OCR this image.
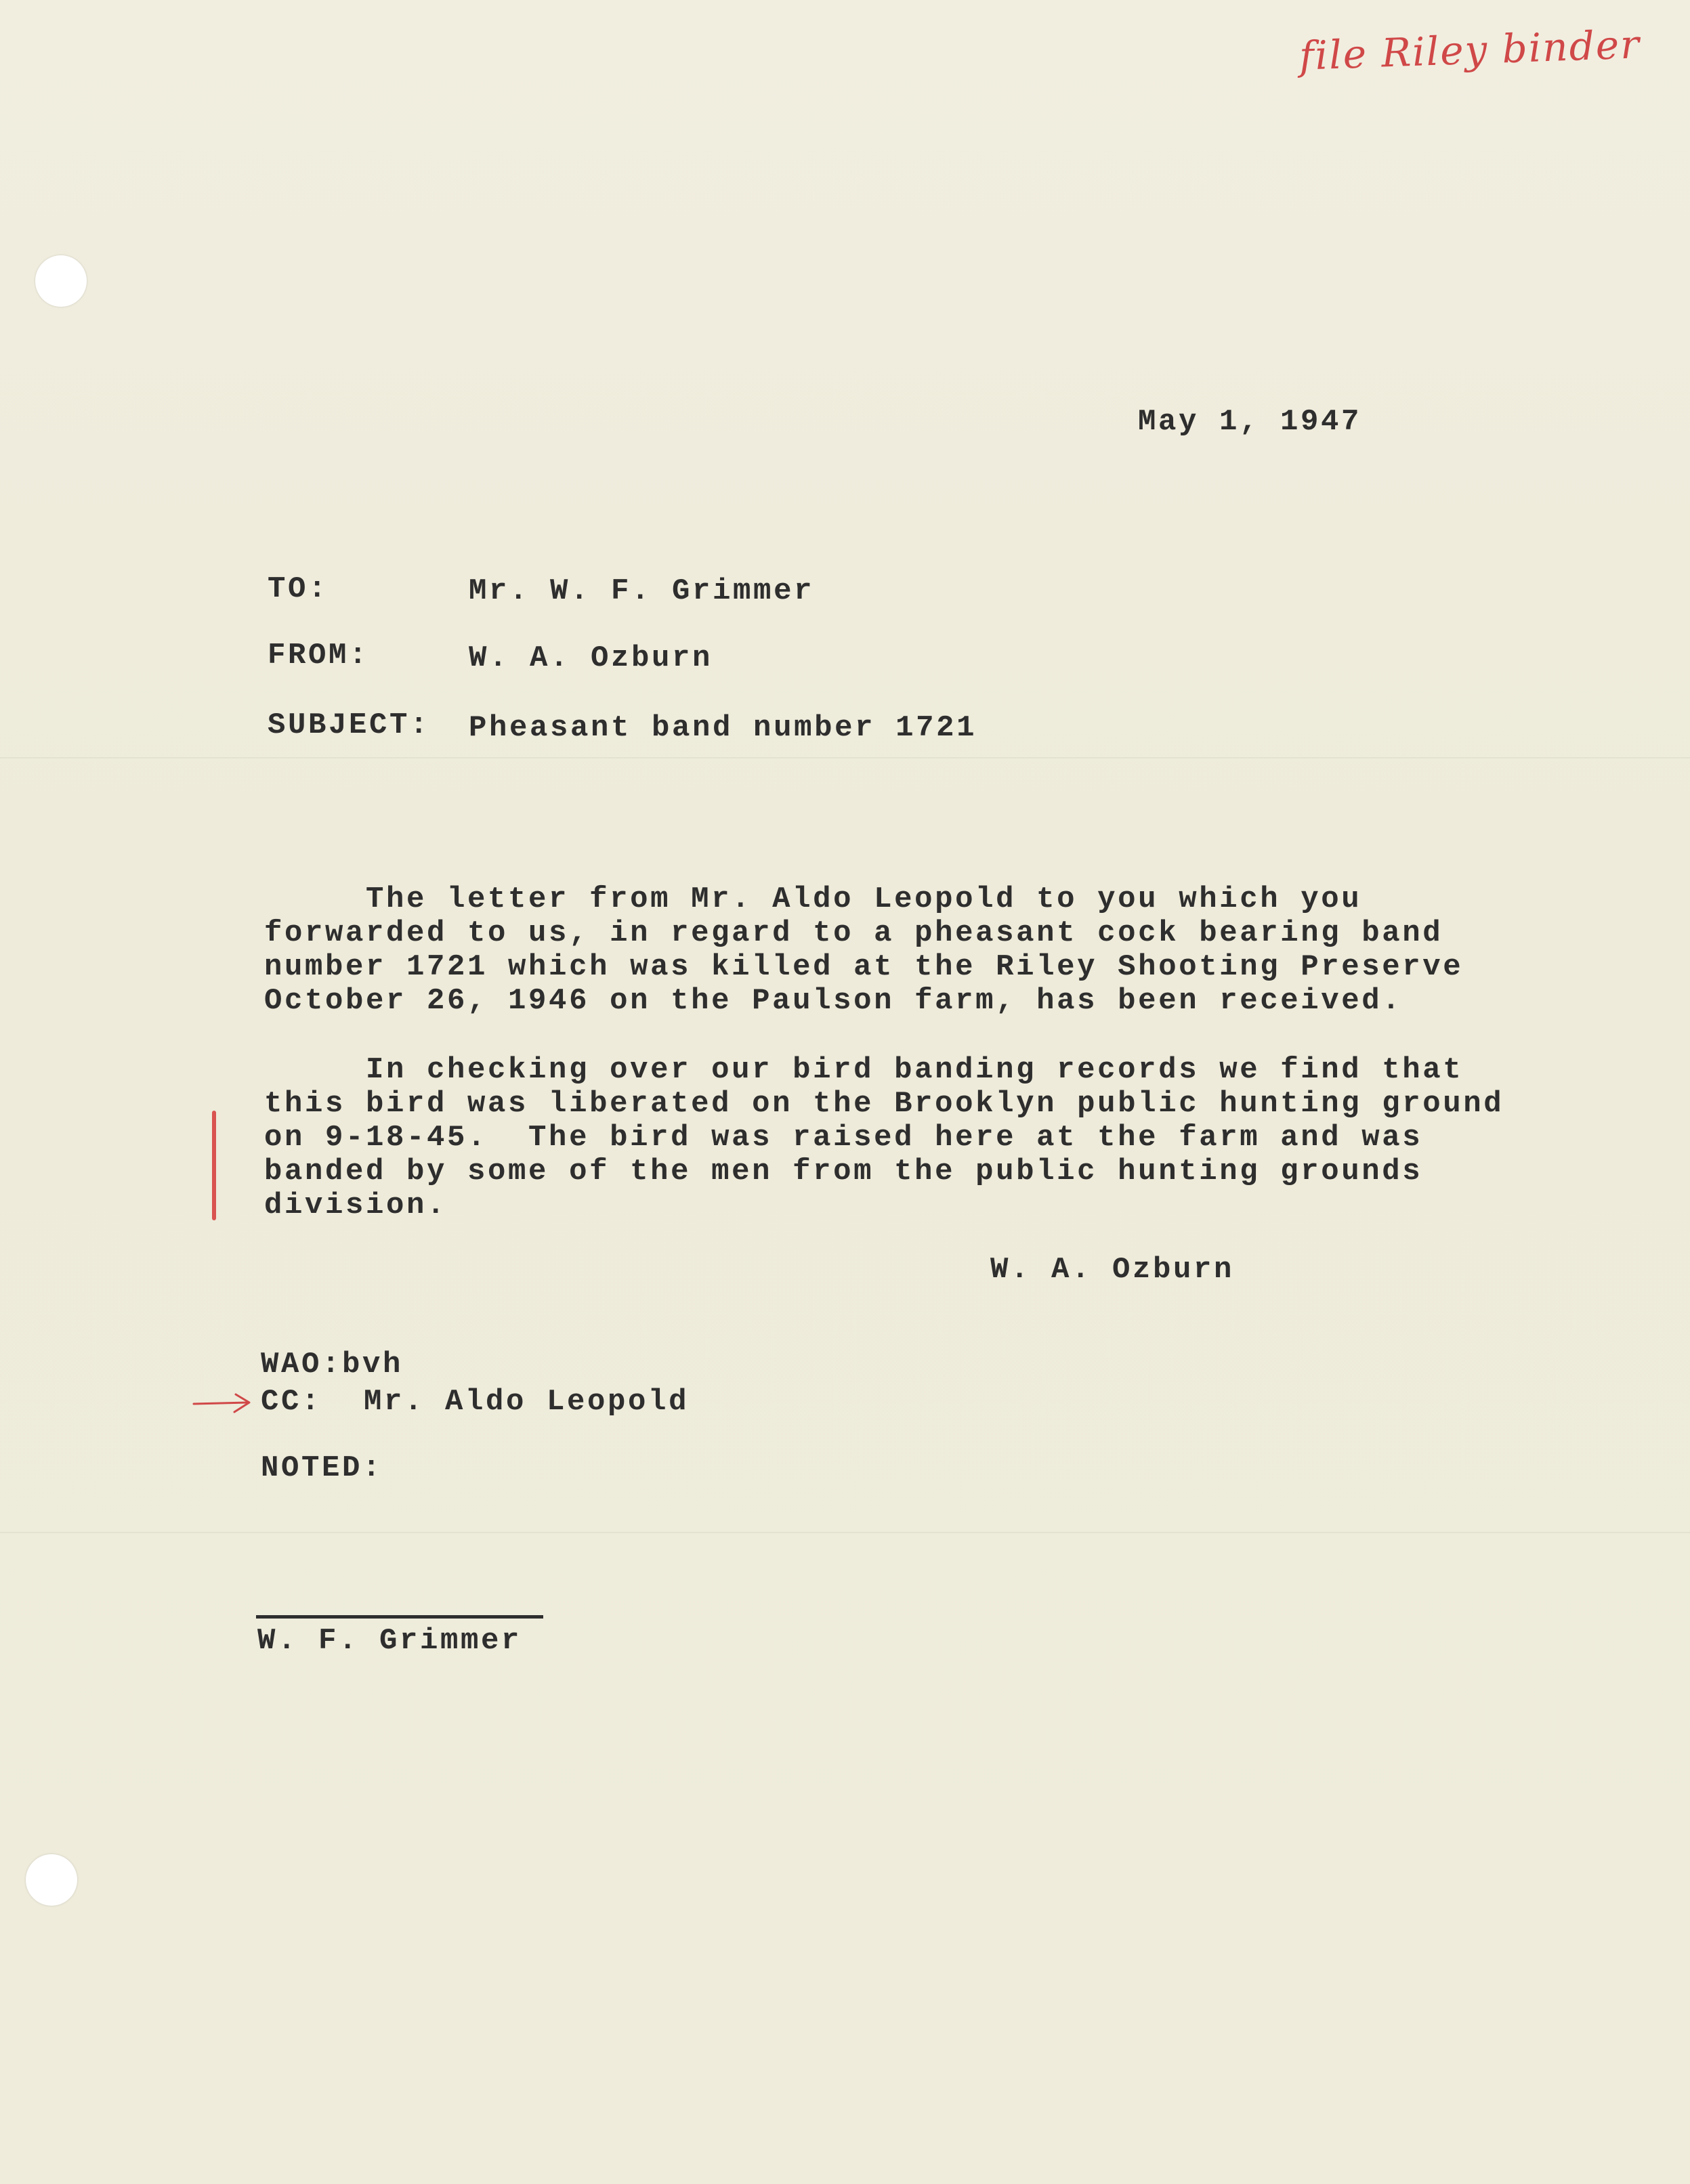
file Riley binder
May 1, 1947
TO:	Mr. W. F. Grimmer
FROM:	W. A. Ozburn
SUBJECT: Pheasant band number 1721
The letter from Mr. Aldo Leopold to you which you
forwarded to us, in regard to a pheasant cock bearing band
number 1721 which was killed at the Riley Shooting Preserve
October 26, 1946 on the Paulson farm, has been received.
In checking over our bird banding records we find that
this bird was liberated on the Brooklyn public hunting ground
on 9-18-45.  The bird was raised here at the farm and was
banded by some of the men from the public hunting grounds
division.
W. A. Ozburn
WAO:bvh
CC: Mr. Aldo Leopold
NOTED:
W. F. Grimmer
